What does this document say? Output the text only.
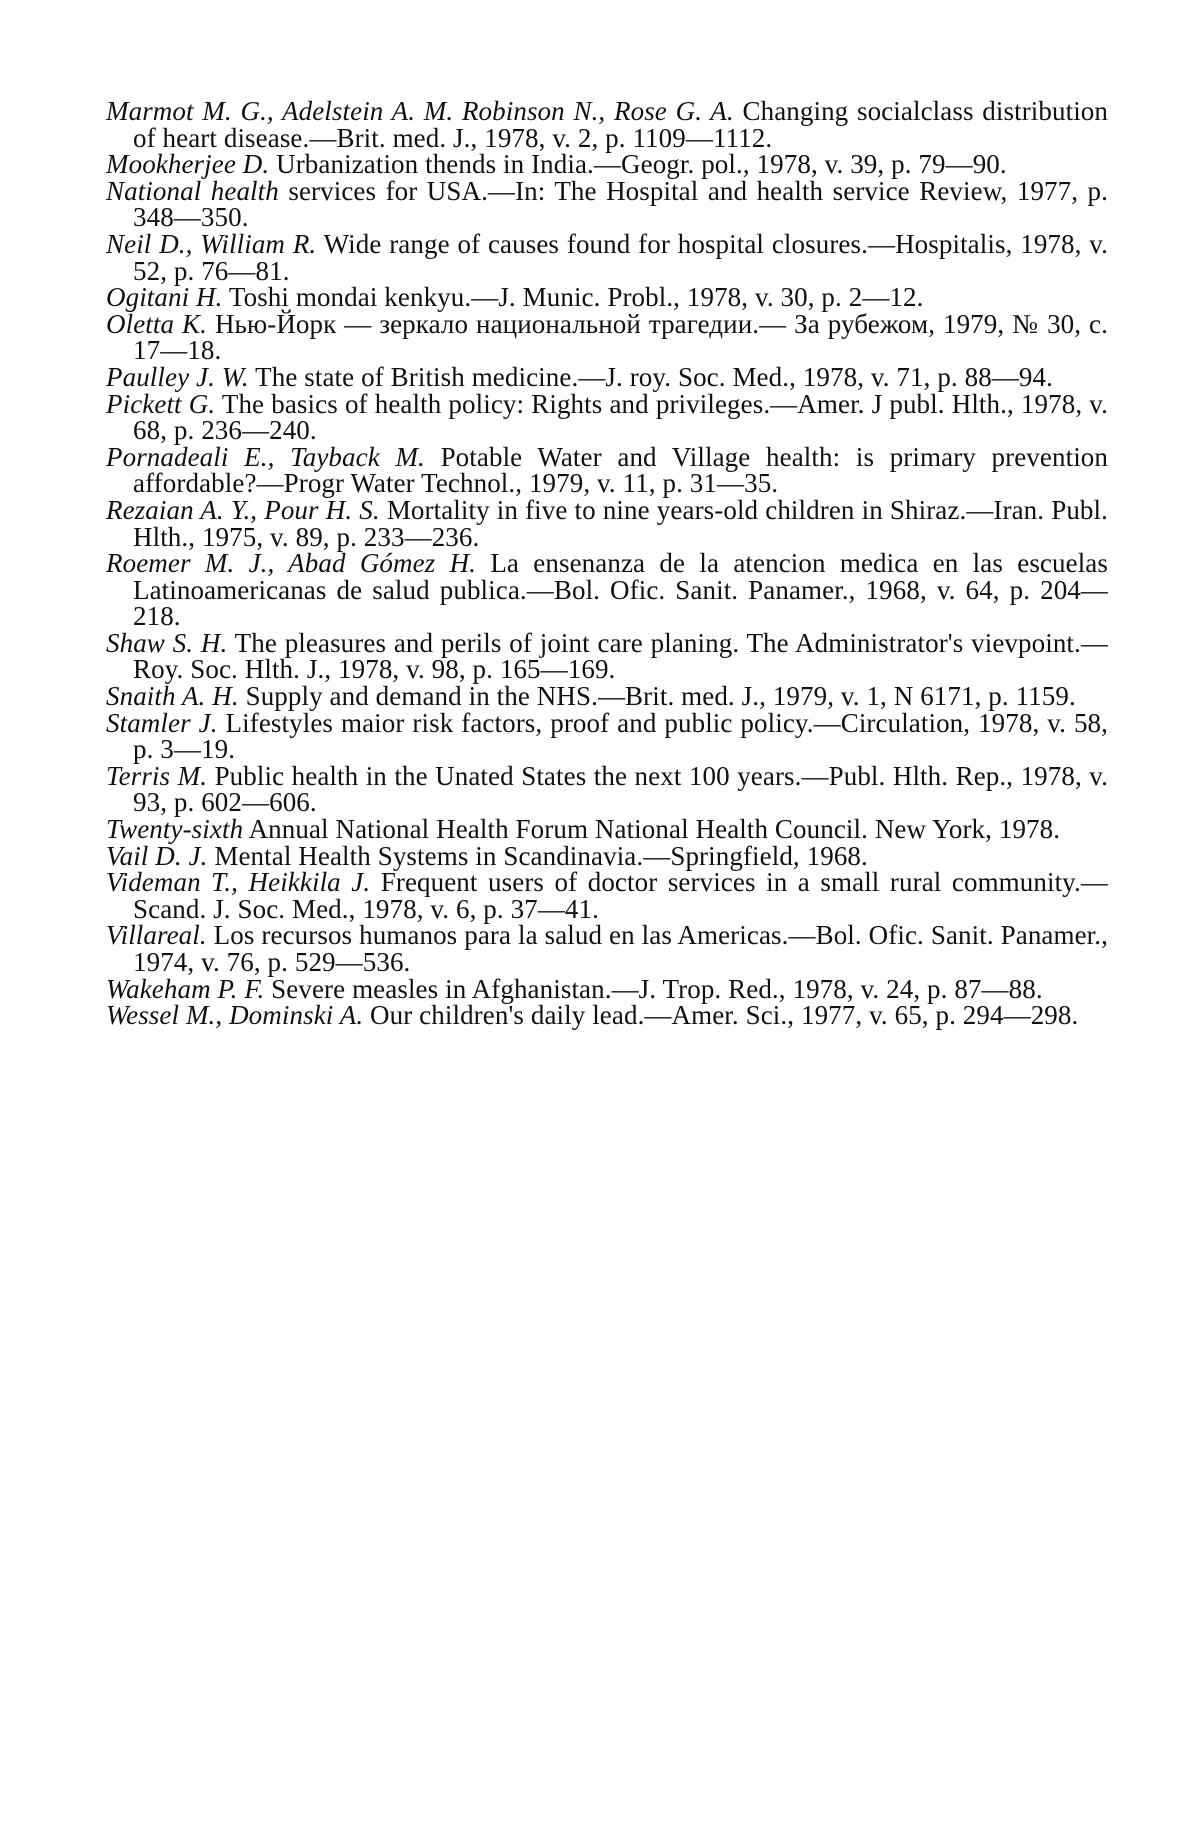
Marmot M. G., Adelstein A. M. Robinson N., Rose G. A. Changing socialclass distribution of heart disease.—Brit. med. J., 1978, v. 2, p. 1109—1112.

Mookherjee D. Urbanization thends in India.—Geogr. pol., 1978, v. 39, p. 79—90.

National health services for USA.—In: The Hospital and health service Review, 1977, p. 348—350.

Neil D., William R. Wide range of causes found for hospital closures.—Hospitalis, 1978, v. 52, p. 76—81.

Ogitani H. Toshi mondai kenkyu.—J. Munic. Probl., 1978, v. 30, p. 2—12.

Oletta K. Нью-Йорк — зеркало национальной трагедии.— За рубежом, 1979, № 30, с. 17—18.

Paulley J. W. The state of British medicine.—J. roy. Soc. Med., 1978, v. 71, p. 88—94.

Pickett G. The basics of health policy: Rights and privileges.—Amer. J publ. Hlth., 1978, v. 68, p. 236—240.

Pornadeali E., Tayback M. Potable Water and Village health: is primary prevention affordable?—Progr Water Technol., 1979, v. 11, p. 31—35.

Rezaian A. Y., Pour H. S. Mortality in five to nine years-old children in Shiraz.—Iran. Publ. Hlth., 1975, v. 89, p. 233—236.

Roemer M. J., Abad Gómez H. La ensenanza de la atencion medica en las escuelas Latinoamericanas de salud publica.—Bol. Ofic. Sanit. Panamer., 1968, v. 64, p. 204—218.

Shaw S. H. The pleasures and perils of joint care planing. The Administrator's vievpoint.—Roy. Soc. Hlth. J., 1978, v. 98, p. 165—169.

Snaith A. H. Supply and demand in the NHS.—Brit. med. J., 1979, v. 1, N 6171, p. 1159.

Stamler J. Lifestyles maior risk factors, proof and public policy.—Circulation, 1978, v. 58, p. 3—19.

Terris M. Public health in the Unated States the next 100 years.—Publ. Hlth. Rep., 1978, v. 93, p. 602—606.

Twenty-sixth Annual National Health Forum National Health Council. New York, 1978.

Vail D. J. Mental Health Systems in Scandinavia.—Springfield, 1968.

Videman T., Heikkila J. Frequent users of doctor services in a small rural community.—Scand. J. Soc. Med., 1978, v. 6, p. 37—41.

Villareal. Los recursos humanos para la salud en las Americas.—Bol. Ofic. Sanit. Panamer., 1974, v. 76, p. 529—536.

Wakeham P. F. Severe measles in Afghanistan.—J. Trop. Red., 1978, v. 24, p. 87—88.

Wessel M., Dominski A. Our children's daily lead.—Amer. Sci., 1977, v. 65, p. 294—298.
